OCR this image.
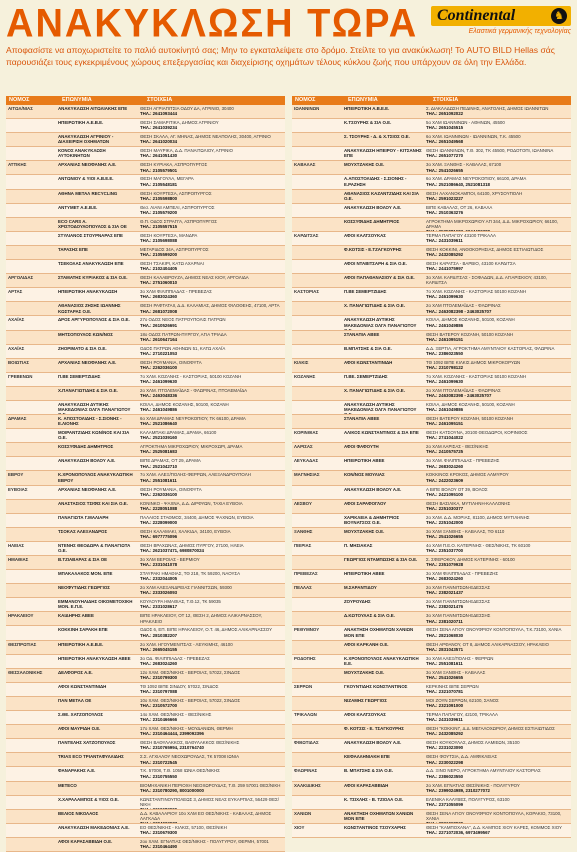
ΑΝΑΚΥΚΛΩΣΗ ΤΩΡΑ Continental	♞
Ελαστικά γερμανικής τεχνολογίας
Αποφασίστε να αποχωριστείτε το παλιό αυτοκίνητό σας; Μην το εγκαταλείψετε στο δρόμο. Στείλτε το για ανακύκλωση! Το AUTO BILD Hellas σάς παρουσιάζει τους εγκεκριμένους χώρους επεξεργασίας και διαχείρισης οχημάτων τέλους κύκλου ζωής που υπάρχουν σε όλη την Ελλάδα.
ΝΟΜΟΣ	ΕΠΩΝΥΜΙΑ	ΣΤΟΙΧΕΙΑ
ΑΙΤΩΛ/ΝΙΑΣ	ΑΝΑΚΥΚΛΩΣΗ ΑΙΤΩΛΙΑΚΗΣ ΕΠΕ	ΘΕΣΗ ΑΓΡΙΑΠΙΤΣΙΑ ΟΔΟΥ ΔΑ, ΑΓΡΙΝΙΟ, 30400
ΤΗΛ.: 2641093444
ΗΠΕΙΡΩΤΙΚΗ Α.Ε.Β.Ε.	ΘΕΣΗ ΣΑΜΑΡΙΤΙΚΑ, ΔΗΜΟΣ ΑΓΡΙΝΙΟΥ
ΤΗΛ.: 2641039234
ΑΝΑΚΥΚΛΩΣΗ ΑΓΡΙΝΙΟΥ - ΔΙΑΧΕΙΡΙΣΗ ΟΧΗΜΑΤΩΝ
ΘΕΣΗ ΣΚΑΛΑ, ΑΓ. ΜΗΝΑΣ, ΔΗΜΟΣ ΝΕΑΠΟΛΗΣ, 30400, ΑΓΡΙΝΙΟ
ΤΗΛ.: 2641020034
ΚΟΝΟΣ ΑΝΑΚΥΚΛΩΣΗ ΑΥΤΟΚΙΝΗΤΩΝ
ΘΕΣΗ ΜΑΥΡΙΚΑ, Δ.Δ. ΠΑΝΑΙΤΩΛΙΟΥ, ΑΓΡΙΝΙΟ
ΤΗΛ.: 2641051430
ΑΤΤΙΚΗΣ	ΑΡΧΑΝΙΑΣ ΝΕΟΦΑΝΗΣ Α.Ε.	ΘΕΣΗ ΚΥΡΙΑΚΑ, ΑΣΠΡΟΠΥΡΓΟΣ
ΤΗΛ.: 2105579501
ΑΝΤΩΝΙΟΥ & ΥΙΟΙ Α.Β.Ε.Ε.	ΘΕΣΗ ΜΑΓΟΥΛΑ, ΜΕΓΑΡΑ
ΤΗΛ.: 2105548181
ΑΘΗΝΑ ΜΕΤΑΛ RECYCLING	ΘΕΣΗ ΚΟΥΡΤΕΣΑ, ΑΣΠΡΟΠΥΡΓΟΣ
ΤΗΛ.: 2105598800
ΑΝΤΥΜΕΤ Α.Ε.Β.Ε.	Θεσ. ΛΙΑΝΙ ΑΜΠΕΛΙ, ΑΣΠΡΟΠΥΡΓΟΣ
ΤΗΛ.: 2105579200
ECO CARS A. ΧΡΙΣΤΟΔΟΥΛΟΠΟΥΛΟΣ & ΣΙΑ ΟΕ
Θ.Π. ΟΔΟΣ ΣΤΡΑΓΓΑ, ΑΣΠΡΟΠΥΡΓΟΣ
ΤΗΛ.: 2105557515
ΣΤΥΛΙΑΝΟΣ ΣΤΟΥΡΝΑΡΑΣ ΕΠΕ	ΘΕΣΗ ΚΟΥΡΤΕΣΑ, ΜΑΝΔΡΑ
ΤΗΛ.: 2105698088
ΤΑΡΑΣΗΣ ΕΠΕ	ΜΕΓΑΡΙΔΟΣ 34Α, ΑΣΠΡΟΠΥΡΓΟΣ
ΤΗΛ.: 2105599200
ΤΣΕΚΟΛΑΣ ΑΝΑΚΥΚΛΩΣΗ ΕΠΕ	ΘΕΣΗ ΤΣΑΚΙΡΙ, ΚΑΤΩ ΑΧΑΡΝΑΙ
ΤΗΛ.: 2102404405
ΑΡΓΟΛΙΔΑΣ	ΣΤΑΜΑΤΗΣ ΚΥΡΙΑΚΟΣ & ΣΙΑ Ο.Ε.	ΘΕΣΗ ΚΑΛΑΒΡΟΥΖΑ, ΔΗΜΟΣ ΝΕΑΣ ΚΙΟΥ, ΑΡΓΟΛΙΔΑ
ΤΗΛ.: 2751060010
ΑΡΤΑΣ	ΗΠΕΙΡΩΤΙΚΗ ΑΝΑΚΥΚΛΩΣΗ	3ο ΧΛΜ ΦΙΛΙΠΠΙΑΔΑΣ - ΠΡΕΒΕΖΑΣ
ΤΗΛ.: 2683024360
ΑΘΑΝΑΣΙΟΣ ΖΗΣΗΣ ΙΩΑΝΝΗΣ ΚΩΣΤΑΡΑΣ Ο.Ε.
ΘΕΣΗ ΡΑΦΤΑΤΑΙΙ, Δ.Δ. ΚΑΛΑΜΙΑΣ, ΔΗΜΟΣ ΦΙΛΟΘΕΗΣ, 47100, ΑΡΤΑ
ΤΗΛ.: 2681072008
ΑΧΑΪΑΣ	ΔΡΟΣ ΑΡΓΥΡΟΠΟΥΛΟΣ & ΣΙΑ Ο.Ε.	27ο ΟΔΟΣ ΝΕΟΣ ΠΑΤΡΟΥΠΟΛΙΣ ΠΑΤΡΩΝ
ΤΗΛ.: 2610526691
ΜΗΤΣΟΠΟΥΛΟΣ ΚΩΝ/ΝΟΣ	18ο ΟΔΟΣ ΠΑΤΡΩΝ-ΠΥΡΓΟΥ, ΑΓΙΑ ΤΡΙΑΔΑ
ΤΗΛ.: 2610647164
ΑΧΑΪΑΣ	ZHOPIMATO & ΣΙΑ Ο.Ε.	ΟΔΟΣ ΠΑΤΡΩΝ ΑΘΗΝΩΝ 51, ΚΑΤΩ ΑΧΑΪΑ
ΤΗΛ.: 2710221053
ΒΟΙΩΤΙΑΣ	ΑΡΧΑΝΙΑΣ ΝΕΟΦΑΝΗΣ Α.Ε.	ΘΕΣΗ ΡΟΥΜΑΝΙΑ, ΟΙΝΟΦΥΤΑ
ΤΗΛ.: 2262036100
ΓΡΕΒΕΝΩΝ	Π.ΒΕ ΣΕΜΕΡΤΖΙΔΗΣ	7ο ΧΛΜ. ΚΟΖΑΝΗΣ - ΚΑΣΤΟΡΙΑΣ, 50100 ΚΟΖΑΝΗ
ΤΗΛ.: 2461099630
Χ.ΠΑΝΑΓΙΩΤΙΔΗΣ & ΣΙΑ Ο.Ε.	2ο ΧΛΜ. ΠΤΟΛΕΜΑΪΔΑΣ - ΦΛΩΡΙΝΑΣ, ΠΤΟΛΕΜΑΪΔΑ
ΤΗΛ.: 2463048336
ΑΝΑΚΥΚΛΩΣΗ ΔΥΤΙΚΗΣ ΜΑΚΕΔΟΝΙΑΣ ΟΛΓΑ ΠΑΝΑΓΙΩΤΟΥ Ο.Ε.
ΚΟΙΛΑ, ΔΗΜΟΣ ΚΟΖΑΝΗΣ, 50100, ΚΟΖΑΝΗ
ΤΗΛ.: 2461049886
ΔΡΑΜΑΣ	Κ. ΑΠΟΣΤΟΛΙΔΗΣ - Σ.ΣΙΟΝΗΣ - Ε.ΛΙΟΝΗΣ
6ο ΧΛΜ ΔΡΑΜΑΣ ΝΕΥΡΟΚΟΠΙΟΥ, ΤΚ 66100, ΔΡΑΜΑ
ΤΗΛ.: 2521086640
ΜΟΙΡΑΝΤΖΙΔΗΣ ΚΩΝ/ΝΟΣ ΚΑΙ ΣΙΑ Ο.Ε.
ΚΑΛΑΜΠΑΚΙ ΔΡΑΜΑΣ, ΔΡΑΜΑ, 66100
ΤΗΛ.: 2521039160
ΚΟΣΣΥΦΙΔΗΣ ΔΗΜΗΤΡΙΟΣ	ΑΓΡΟΚΤΗΜΑ ΜΙΚΡΟΧΩΡΙΟΥ, ΜΙΚΡΟΧΩΡΙ, ΔΡΑΜΑ
ΤΗΛ.: 2525081683
ΑΝΑΚΥΚΛΩΣΗ ΒΟΛΟΥ Α.Ε.	ΒΙΠΕ ΔΡΑΜΑΣ, ΟΤ 29, ΔΡΑΜΑ
ΤΗΛ.: 2521042710
ΕΒΡΟΥ	Κ.ΧΡΟΝΟΠΟΥΛΟΣ ΑΝΑΚΥΚΛΩΤΙΚΗ ΕΒΡΟΥ
7ο ΧΛΜ. ΑΛΕΞ/ΠΟΛΗΣ-ΦΕΡΡΩΝ, ΑΛΕΞΑΝΔΡΟΥΠΟΛΗ
ΤΗΛ.: 2551081611
ΕΥΒΟΙΑΣ	ΑΡΧΑΝΙΑΣ ΝΕΟΦΑΝΗΣ Α.Ε.	ΘΕΣΗ ΡΟΥΜΑΝΙΑ, ΟΙΝΟΦΥΤΑ
ΤΗΛ.: 2262036100
ΑΝΑΣΤΑΣΙΟΣ ΤΣΙΦΙΣ ΚΑΙ ΣΙΑ Ο.Ε.	ΚΟΝΙΝΚΟ - ΨΑΧΝΑ, Δ.Δ. ΔΙΡΦΥΩΝ, ΤΑΧΙΑ ΕΥΒΟΙΑ
ΤΗΛ.: 2228051088
ΠΑΝΑΓΙΩΤΑ Γ.ΜΑΛΙΑΡΗ	ΠΑΛΑΙΟΣ ΣΤΑΘΜΟΣ, 34400, ΔΗΜΟΣ ΨΑΧΝΩΝ, ΕΥΒΟΙΑ
ΤΗΛ.: 2228099000
ΤΣΟΚΑΣ ΑΛΕΞΑΝΔΡΟΣ	ΘΕΣΗ ΚΑΛΑΜΑΚΙ, ΧΑΛΚΙΔΑ, 34100, ΕΥΒΟΙΑ
ΤΗΛ.: 6977775096
ΗΛΕΙΑΣ	ΝΤΕΝΗΣ ΘΕΟΔΩΡΑ & ΠΑΝΑΓΙΩΤΑ Ο.Ε.
ΘΕΣΗ ΒΡΑΧΩΝΑΣ, ΔΗΜΟΣ ΠΥΡΓΟΥ, 27100, ΗΛΕΙΑ
ΤΗΛ.: 2621037471, 6980870024
ΗΜΑΘΙΑΣ	Β.ΤΖΙΑΒΑΡΑΣ & ΣΙΑ ΟΕ	3ο ΧΛΜ ΒΕΡΟΙΑΣ - ΒΕΡΜΙΟΥ
ΤΗΛ.: 2331041078
ΜΠΑΚΑΛΑΚΟΣ ΜΟΝ. ΕΠΕ	ΣΤΑΥΡΑΚΙ ΗΜΑΘΙΑΣ, ΤΘ 218, ΤΚ 59200, ΝΑΟΥΣΑ
ΤΗΛ.: 2332044005
ΝΕΟΦΥΤΙΔΗΣ ΓΕΩΡΓΙΟΣ	2ο ΧΛΜ ΑΛΕΞΑΝΔΡΕΙΑΣ ΓΙΑΝΝΙΤΣΩΝ, 59300
ΤΗΛ.: 2333026093
ΕΜΜΑΝΟΥΗΛΙΔΗΣ ΟΙΚΟΜΕΤΟΧΙΚΗ ΜΟΝ. Ε.Π.Ε.
ΚΟΥΛΟΥΡΑ ΗΜΑΘΙΑΣ, Τ.Θ.12, ΤΚ 59035
ΤΗΛ.: 2331028617
ΗΡΑΚΛΕΙΟΥ	ΚΑΙΔΗΡΗΣ ΑΒΕΕ	ΒΙΠΕ ΗΡΑΚΛΕΙΟΥ, ΟΤ 12, ΘΕΣΗ 2, ΔΗΜΟΣ ΑΛΙΚΑΡΝΑΣΣΟΥ, ΗΡΑΚΛΕΙΟ
ΤΗΛ.: 2810380033
ΚΟΚΚΙΝΗ ΣΑΡΑΚΗ ΕΠΕ	ΟΔΟΣ 6, ΕΠ. ΒΙΠΕ ΗΡΑΚΛΕΙΟΥ, Ο.Τ. 46, ΔΗΜΟΣ ΑΛΙΚΑΡΝΑΣΣΟΥ
ΤΗΛ.: 2810382207
ΘΕΣΠΡΩΤΙΑΣ	ΗΠΕΙΡΩΤΙΚΗ Α.Ε.Β.Ε.	2ο ΧΛΜ. ΗΓΟΥΜΕΝΙΤΣΑΣ - ΛΕΥΚΙΜΗΣ, 46100
ΤΗΛ.: 2665045155
ΗΠΕΙΡΩΤΙΚΗ ΑΝΑΚΥΚΛΩΣΗ ΑΒΕΕ	3ο ΟΔ. ΦΙΛΙΠΠΙΑΔΑΣ - ΠΡΕΒΕΖΑΣ
ΤΗΛ.: 2683024260
ΘΕΣΣΑΛΟΝΙΚΗΣ	ΔΕΛΦΟΡΟΣ Α.Ε.	12ο ΧΛΜ. ΘΕΣ/ΝΙΚΗΣ - ΒΕΡΟΙΑΣ, 57022, ΣΙΝΔΟΣ
ΤΗΛ.: 2310799300
ΑΦΟΙ ΚΩΝΣΤΑΝΤΙΝΙΔΗ	ΤΘ 1092 ΒΙΠΕ ΣΙΝΔΟΥ, 57022, ΣΙΝΔΟΣ
ΤΗΛ.: 2310797088
ΠΑΝ ΜΕΤΑΛ ΟΕ	10ο ΧΛΜ. ΘΕΣ/ΝΙΚΗΣ - ΒΕΡΟΙΑΣ, 57022, ΣΙΝΔΟΣ
ΤΗΛ.: 2310572700
Σ.ΘΕ. ΧΑΤΖΟΠΟΥΛΟΣ	14ο ΧΛΜ. ΘΕΣ/ΝΙΚΗΣ - ΘΕΣ/ΝΙΚΗΣ
ΤΗΛ.: 2310466666
ΑΦΟΙ ΜΑΥΡΙΔΗ Ο.Ε.	17ο ΧΛΜ. ΘΕΣ/ΝΙΚΗΣ - ΜΟΥΔΑΝΙΩΝ, ΘΕΡΜΗ
ΤΗΛ.: 2310464444, 2399092396
ΠΑΝΤΕΛΗΣ ΧΑΤΖΟΠΟΥΛΟΣ	ΘΕΣΗ ΒΑΘΥΛΑΚΚΟΣ, ΒΑΘΥΛΑΚΚΟΣ ΘΕΣ/ΝΙΚΗΣ
ΤΗΛ.: 2310765994, 2310764740
TRIAS ECO ΤΡΙΑΝΤΑΦΥΛΛΙΔΗΣ	Σ.Σ. ΑΓΧΙΑΛΟΥ ΝΕΟΧΩΡΟΥΔΑΣ, ΤΚ 57008 ΙΩΝΙΑ
ΤΗΛ.: 2310722545
ΦΑΝΑΡΑΚΗΣ Α.Ε.	Τ.Κ. 57008, Τ.Θ. 1058 ΙΩΝΙΑ ΘΕΣ/ΝΙΚΗΣ
ΤΗΛ.: 2310755550
METECO	ΒΙΟΜΗΧΑΝΙΚΗ ΠΕΡΙΟΧΗ ΝΕΟΧΩΡΟΥΔΑΣ, Τ.Θ. 259 57001 ΘΕΣ/ΝΙΚΗ
ΤΗΛ.: 2310780290, 8001000000
Χ.ΧΑΡΑΛΑΜΠΟΣ & ΥΙΟΣ Ο.Ε.	ΚΩΝΣΤΑΝΤΙΝΟΥΠΟΛΕΩΣ 3, ΔΗΜΟΣ ΝΕΑΣ ΕΥΚΑΡΠΙΑΣ, 56429 ΘΕΣ/ΝΙΚΗ
ΤΗΛ.: 2310682000
ΒΕΛΙΟΣ ΝΙΚΟΛΑΟΣ	Δ.Δ. ΚΑΒΑΛΑΡΙΟΥ 10ο ΧΛΜ ΕΟ ΘΕΣ/ΝΙΚΗΣ - ΚΑΒΑΛΑΣ, ΔΗΜΟΣ ΛΑΓΚΑΔΑ
ΤΗΛ.: 2394022977
ΑΝΑΚΥΚΛΩΣΗ ΜΑΚΕΔΟΝΙΑΣ Α.Ε.	ΕΟ ΘΕΣ/ΝΙΚΗΣ - ΚΙΛΚΙΣ, 57100, ΘΕΣ/ΝΙΚΗ
ΤΗΛ.: 2310679300
ΑΦΟΙ ΚΑΡΑΣΑΒΒΙΔΗ Ο.Ε.	2ου ΧΛΜ. ΕΓΝΑΤΙΑΣ ΘΕΣ/ΝΙΚΗΣ - ΠΟΛΥΓΥΡΟΥ, ΘΕΡΜΗ, 57001
ΤΗΛ.: 2310464490
ΝΟΜΟΣ	ΕΠΩΝΥΜΙΑ	ΣΤΟΙΧΕΙΑ
ΙΩΑΝΝΙΝΩΝ	ΗΠΕΙΡΩΤΙΚΗ Α.Β.Ε.Ε.	Σ. ΔΙΑΚΛΑΔΩΣΗ ΠΕΔΙΝΗΣ, ΑΝΑΤΟΛΗΣ, ΔΗΜΟΣ ΙΩΑΝΝΙΤΩΝ
ΤΗΛ.: 2651092022
Κ.ΤΣΟΥΡΗΣ & ΣΙΑ Ο.Ε.	5ο ΧΛΜ ΙΩΑΝΝΙΝΩΝ - ΑΘΗΝΩΝ, 45500
ΤΗΛ.: 2651045515
Σ. ΤΣΟΥΡΗΣ - Δ. & Χ.ΤΣΙΟΣ Ο.Ε.	6ο ΧΛΜ. ΙΩΑΝΝΙΝΩΝ - ΙΩΑΝΝΙΝΩΝ, Τ.Κ. 45500
ΤΗΛ.: 2651049568
ΑΝΑΚΥΚΛΩΣΗ ΗΠΕΙΡΟΥ - ΚΙΤΣΑΝΗΣ ΕΠΕ
ΘΕΣΗ ΙΩΑΝΝΙΝΩΝ, Τ.Θ. 302, ΤΚ 45500, ΡΟΔΟΤΟΠΙ, ΙΩΑΝΝΙΝΑ
ΤΗΛ.: 2651077270
ΚΑΒΑΛΑΣ	ΜΟΥΧΤΖΑΚΗΣ Ο.Ε.	3ο ΧΛΜ. ΞΑΝΘΗΣ - ΚΑΒΑΛΑΣ, 67100
ΤΗΛ.: 2541026655
Α.ΑΠΟΣΤΟΛΙΔΗΣ - Σ.ΣΙΟΝΗΣ - Ε.ΡΑΖΗΣΗ
6ο ΧΛΜ. ΔΡΑΜΑΣ ΝΕΥΡΟΚΟΠΙΟΥ, 66100, ΔΡΑΜΑ
ΤΗΛ.: 2521086640, 2521081318
ΑΘΑΝΑΣΙΟΣ ΚΑΖΑΝΤΖΙΔΗΣ ΚΑΙ ΣΙΑ Ο.Ε.
ΘΕΣΗ ΛΑΧΑΝΟΚΑΜΠΟΙ, 64100, ΧΡΥΣΟΥΠΟΛΗ
ΤΗΛ.: 2591023227
ΑΝΑΚΥΚΛΩΣΗ ΒΟΛΟΥ Α.Ε.	ΒΙΠΕ ΚΑΒΑΛΑΣ, ΟΤ 26, ΚΑΒΑΛΑ
ΤΗΛ.: 2510363276
ΚΟΣΣΥΦΙΔΗΣ ΔΗΜΗΤΡΙΟΣ	ΑΓΡΟΚΤΗΜΑ ΜΙΚΡΟΧΩΡΙΟΥ ΑΠ 344, Δ.Δ. ΜΙΚΡΟΧΩΡΙΟΥ, 66100, ΔΡΑΜΑ
ΤΗΛ.: 2525081683, 6944400308
ΚΑΡΔΙΤΣΑΣ	ΑΦΟΙ ΚΑΛΤΣΟΥΚΑΣ	ΤΕΡΜΑ ΠΑΠΑΓΟΥ 43100 ΤΡΙΚΑΛΑ
ΤΗΛ.: 2431039611
Φ.ΚΟΤΣΙΣ - Ε.ΤΖΑΓΚΟΥΡΗΣ	ΘΕΣΗ ΚΟΚΚΙΝΙ, ΑΝΘΟΚΟΡΗΣΙΑΣ, ΔΗΜΟΣ ΕΣΤΙΑΙΩΤΙΔΟΣ
ΤΗΛ.: 2432085292
ΑΦΟΙ ΝΤΑΒΙΤΣΑΡΗ & ΣΙΑ Ο.Ε.	ΘΕΣΗ ΚΑΡΑΤΣΑ - ΒΑΡΒΙΟ, 43100 ΚΑΡΔΙΤΣΑ
ΤΗΛ.: 2441075997
ΑΦΟΙ ΠΑΠΑΘΑΝΑΣΙΟΥ & ΣΙΑ Ο.Ε.	3ο ΧΛΜ. ΚΑΡΔΙΤΣΑΣ - ΣΟΦΑΔΩΝ, Δ.Δ. ΑΓΙΑΡΙΣΚΙΟΥ, 43100, ΚΑΡΔΙΤΣΑ
ΤΗΛ.: 2441072495
ΚΑΣΤΟΡΙΑΣ	Π.ΒΕ ΣΕΜΕΡΤΖΙΔΗΣ	7ο ΧΛΜ. ΚΟΖΑΝΗΣ - ΚΑΣΤΟΡΙΑΣ 50100 ΚΟΖΑΝΗ
ΤΗΛ.: 2461099630
Χ. ΠΑΝΑΓΙΩΤΙΔΗΣ & ΣΙΑ Ο.Ε.	2ο ΧΛΜ ΠΤΟΛΕΜΑΪΔΑΣ - ΦΛΩΡΙΝΑΣ
ΤΗΛ.: 2463082398 - 2463025707
ΑΝΑΚΥΚΛΩΣΗ ΔΥΤΙΚΗΣ ΜΑΚΕΔΟΝΙΑΣ ΟΛΓΑ ΠΑΝΑΓΙΩΤΟΥ Ο.Ε.
ΚΟΙΛΑ, ΔΗΜΟΣ ΚΟΖΑΝΗΣ, 50100, ΚΟΖΑΝΗ
ΤΗΛ.: 2461049886
ΣΤΑΝΑΠΙΑ ΑΒΕΕ	ΘΕΣΗ ΒΑΤΕΡΟΥ ΚΟΖΑΝΗ, 50100 ΚΟΖΑΝΗ
ΤΗΛ.: 2461095151
Β.ΜΠΑΤΣΗΣ & ΣΙΑ Ο.Ε.	Δ.Δ. ΞΕΡΤΙΑ, ΑΓΡΟΚΤΗΜΑ ΑΜΥΝΤΑΙΟΥ ΚΑΣΤΟΡΙΑΣ, ΦΛΩΡΙΝΑ
ΤΗΛ.: 2386023550
ΚΙΛΚΙΣ	ΑΦΟΙ ΚΩΝΣΤΑΝΤΙΝΙΔΗ	ΤΘ 1092 ΒΙΠΕ ΚΙΛΚΙΣ ΔΗΜΟΣ ΜΙΚΡΟΚΟΡΥΩΝ
ΤΗΛ.: 2310798122
ΚΟΖΑΝΗΣ	Π.ΒΕ. ΣΕΜΕΡΤΖΙΔΗΣ	7ο ΧΛΜ. ΚΟΖΑΝΗΣ - ΚΑΣΤΟΡΙΑΣ 50100 ΚΟΖΑΝΗ
ΤΗΛ.: 2461099630
Χ. ΠΑΝΑΓΙΩΤΙΔΗΣ & ΣΙΑ Ο.Ε.	2ο ΧΛΜ ΠΤΟΛΕΜΑΪΔΑΣ - ΦΛΩΡΙΝΑΣ
ΤΗΛ.: 2463082398 - 2463025707
ΑΝΑΚΥΚΛΩΣΗ ΔΥΤΙΚΗΣ ΜΑΚΕΔΟΝΙΑΣ ΟΛΓΑ ΠΑΝΑΓΙΩΤΟΥ Ο.Ε.
ΚΟΙΛΑ, ΔΗΜΟΣ ΚΟΖΑΝΗΣ, 50100, ΚΟΖΑΝΗ
ΤΗΛ.: 2461049886
ΣΤΑΝΑΠΙΑ ΑΒΕΕ	ΘΕΣΗ ΒΑΤΕΡΟΥ ΚΟΖΑΝΗ, 50100 ΚΟΖΑΝΗ
ΤΗΛ.: 2461095151
ΚΟΡΙΝΘΙΑΣ	ΑΛΙΚΟΣ ΚΩΝΣΤΑΝΤΙΝΟΣ & ΣΙΑ ΕΠΕ	ΘΕΣΗ ΚΑΤΣΟΥΝΑ, 20100 ΘΕΟΔΩΡΟΙ, ΚΟΡΙΝΘΟΣ
ΤΗΛ.: 2741044022
ΛΑΡΙΣΑΣ	ΑΦΟΙ ΦΑΦΟΥΤΗ	2ο ΧΛΜ ΛΑΡΙΣΑΣ - ΘΕΣ/ΝΙΚΗΣ
ΤΗΛ.: 2410575725
ΛΕΥΚΑΔΑΣ	ΗΠΕΙΡΩΤΙΚΗ ΑΒΕΕ	3ο ΧΛΜ. ΦΙΛΙΠΠΙΑΔΑΣ - ΠΡΕΒΕΖΗΣ
ΤΗΛ.: 2683024260
ΜΑΓΝΗΣΙΑΣ	ΚΟΝ/ΝΟΣ ΜΟΥΛΙΑΣ	ΚΟΚΚΙΝΟΣ ΚΡΟΚΟΣ, ΔΗΜΟΣ ΑΛΜΥΡΟΥ
ΤΗΛ.: 2422023609
ΑΝΑΚΥΚΛΩΣΗ ΒΟΛΟΥ Α.Ε.	Α ΒΙΠΕ ΒΟΛΟΥ ΟΤ 39, ΒΟΛΟΣ
ΤΗΛ.: 2421095100
ΛΕΣΒΟΥ	ΑΦΟΙ ΣΑΡΑΦΟΓΛΟΥ	ΘΕΣΗ ΒΑΣΙΛΙΚΑ, ΜΥΤΙΛΗΝΗ-ΚΑΛΛΟΝΗΣ
ΤΗΛ.: 2251030377
ΧΑΡΙΚΛΕΙΑ & ΔΗΜΗΤΡΙΟΣ ΒΟΥΝΑΤΣΟΣ Ο.Ε.
2ο ΧΛΜ. Δ.Δ. ΜΟΡΙΑΣ, 81100, ΔΗΜΟΣ ΜΥΤΙΛΗΝΗΣ
ΤΗΛ.: 2251042000
ΞΑΝΘΗΣ	ΜΟΥΧΤΖΑΚΗΣ Ο.Ε.	3ο ΧΛΜ ΞΑΝΘΗΣ - ΚΑΒΑΛΑΣ, ΤΘ 6110
ΤΗΛ.: 2541026655
ΠΙΕΡΙΑΣ	Π. ΜΗΣΙΑΚΑΣ	4ο ΧΛΜ Π.Ε.Ο. ΚΑΤΕΡΙΝΗΣ - ΘΕΣ/ΝΙΚΗΣ, ΤΚ 60100
ΤΗΛ.: 2351037700
ΓΕΩΡΓΙΟΣ ΝΤΑΜΠΩΣΗΣ & ΣΙΑ Ο.Ε.	Σ. ΣΦΕΡΟΚΟΥ, ΔΗΜΟΣ ΚΑΤΕΡΙΝΗΣ - 60100
ΤΗΛ.: 2351079928
ΠΡΕΒΕΖΑΣ	ΗΠΕΙΡΩΤΙΚΗ ΑΒΕΕ	3ο ΧΛΜ ΦΙΛΙΠΠΙΑΔΑΣ - ΠΡΕΒΕΖΗΣ
ΤΗΛ.: 2683024260
ΠΕΛΛΑΣ	Μ.ΣΑΡΑΝΤΙΔΟΥ	2ο ΧΛΜ ΓΙΑΝΝΙΤΣΩΝ-ΕΔΕΣΣΑΣ
ΤΗΛ.: 2382021437
ΖΟΥΡΟΥΔΗΣ	2ο ΧΛΜ ΓΙΑΝΝΙΤΣΩΝ-ΕΔΕΣΣΑΣ
ΤΗΛ.: 2382021476
Δ.ΚΩΤΟΥΛΑΣ & ΣΙΑ Ο.Ε.	3ο ΧΛΜ ΓΙΑΝΝΙΤΣΩΝ-ΕΔΕΣΣΗΣ
ΤΗΛ.: 2381020711
ΡΕΘΥΜΝΟΥ	ΑΝΑΚΤΗΣΗ ΟΧΗΜΑΤΩΝ ΧΑΝΙΩΝ ΜΟΝ ΕΠΕ
ΘΕΣΗ ΣΕΝΑ ΑΓΙΟΥ ΟΝΟΥΦΡΙΟΥ ΚΟΝΤΟΠΟΥΛΑ, Τ.Κ.73100, ΧΑΝΙΑ
ΤΗΛ.: 2821068030
ΑΦΟΙ ΚΑΡΚΑΝΗ Ο.Ε.	ΘΕΣΗ ΑΡΦΑΝΟΥ, ΟΤ 8, ΔΗΜΟΣ ΑΛΙΚΑΡΝΑΣΣΟΥ, ΗΡΑΚΛΕΙΟ
ΤΗΛ.: 2831043571
ΡΟΔΟΠΗΣ	Κ.ΧΡΟΝΟΠΟΥΛΟΣ ΑΝΑΚΥΚΛΩΤΙΚΗ Ε.Ε.
3ο ΧΛΜ ΑΛΕΞ/ΠΟΛΗΣ - ΦΕΡΡΩΝ
ΤΗΛ.: 2551081611
ΜΟΥΧΤΖΑΚΗΣ Ο.Ε.	3ο ΧΛΜ ΞΑΝΘΗΣ - ΚΑΒΑΛΑΣ
ΤΗΛ.: 2541026655
ΣΕΡΡΩΝ	ΓΚΟΥΝΤΙΔΗΣ ΚΩΝΣΤΑΝΤΙΝΟΣ	ΚΕΡΚΙΝΗΣ ΒΙΠΕ ΣΕΡΡΩΝ
ΤΗΛ.: 2321070781
ΝΙΖΑΜΗΣ ΓΕΩΡΓΙΟΣ	ΜΟΙ ΖΟΥΝ ΣΕΡΡΩΝ, 62100, ΣΑΝΟΣ
ΤΗΛ.: 2321091000
ΤΡΙΚΑΛΩΝ	ΑΦΟΙ ΚΑΛΤΣΟΥΚΑΣ	ΤΕΡΜΑ ΠΑΠΑΓΟΥ, 42100, ΤΡΙΚΑΛΑ
ΤΗΛ.: 2431039611
Φ. ΚΟΤΣΙΣ - Ε. ΤΣΑΓΚΟΥΡΗΣ	ΘΕΣΗ "ΚΟΚΚΙΝΙ", Δ.Δ. ΜΕΓΑΛΟΧΩΡΙΟΥ, ΔΗΜΟΣ ΕΣΤΙΑΙΩΤΙΔΟΣ
ΤΗΛ.: 2432085292
ΦΘΙΩΤΙΔΑΣ	ΑΝΑΚΥΚΛΩΣΗ ΒΟΛΟΥ Α.Ε.	ΘΕΣΗ ΚΟΥΚΟΥΛΑΣ, ΔΗΜΟΣ ΛΑΜΙΕΩΝ, 35100
ΤΗΛ.: 2231023090
ΚΕΦΑΛΛΗΝΙΑΚΗ ΕΠΕ	ΘΕΣΗ ΦΟΥΤΣΙΑ, Δ.Δ. ΑΜΦΙΚΛΕΙΑΣ
ΤΗΛ.: 2230022298
ΦΛΩΡΙΝΑΣ	Β. ΜΠΑΤΣΗΣ & ΣΙΑ Ο.Ε.	Δ.Δ. ΞΙΝΟ ΝΕΡΟ, ΑΓΡΟΚΤΗΜΑ ΑΜΥΝΤΑΙΟΥ ΚΑΣΤΟΡΙΑΣ
ΤΗΛ.: 2386023550
ΧΑΛΚΙΔΙΚΗΣ	ΑΦΟΙ ΚΑΡΑΣΑΒΒΙΔΗ	2ο ΧΛΜ. ΕΓΝΑΤΙΑΣ ΘΕΣ/ΝΙΚΗΣ - ΠΟΛΥΓΥΡΟΥ
ΤΗΛ.: 2399024989, 2310277072
Κ. ΤΣΙΧΛΗΣ - Β. ΤΖΙΟΛΑ Ο.Ε.	ΕΛΕΝΙΚΑ ΚΑΛΥΒΕΣ, ΠΟΛΥΓΥΡΟΣ, 63100
ΤΗΛ.: 2371055099
ΧΑΝΙΩΝ	ΑΝΑΚΤΗΣΗ ΟΧΗΜΑΤΩΝ ΧΑΝΙΩΝ ΜΟΝ ΕΠΕ
ΘΕΣΗ ΣΕΝΑ ΑΓΙΟΥ ΟΝΟΥΦΡΙΟΥ ΚΟΝΤΟΠΟΥΛΑ, ΚΟΡΑΚΙΟ, 73100, ΧΑΝΙΑ
ΤΗΛ.: 2821068030
ΧΙΟΥ	ΚΩΝΣΤΑΝΤΙΝΟΣ ΤΣΟΥΧΑΡΗΣ	ΘΕΣΗ "ΚΑΜΠΟΧΑΝΑ", Δ.Δ. ΚΑΜΠΟΣ ΧΙΟΥ ΚΑΡΕΣ, ΚΟΜΜΟΣ ΧΙΟΥ
ΤΗΛ.: 2271072036, 6973499567
